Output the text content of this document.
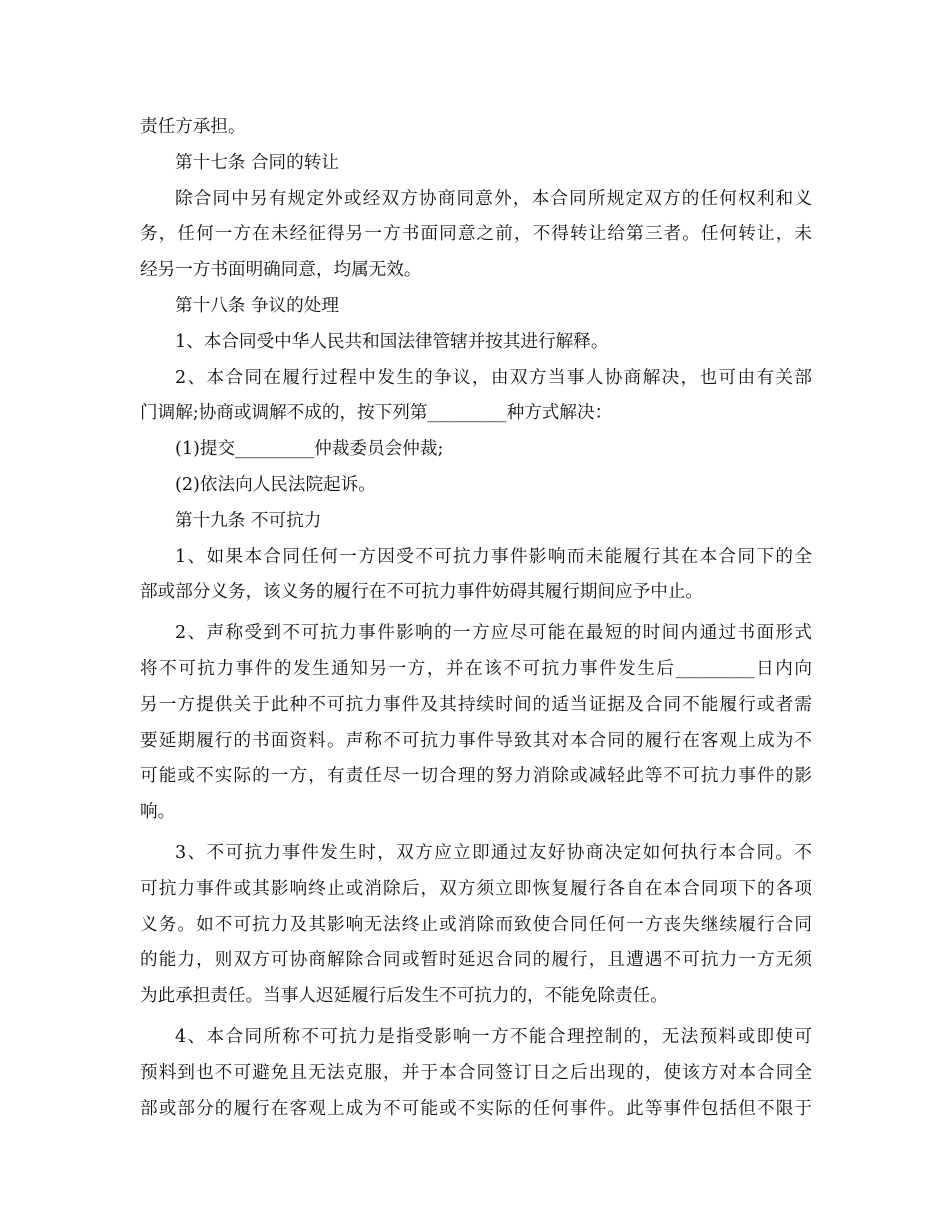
责任方承担。
第十七条 合同的转让
除合同中另有规定外或经双方协商同意外，本合同所规定双方的任何权利和义
务，任何一方在未经征得另一方书面同意之前，不得转让给第三者。任何转让，未
经另一方书面明确同意，均属无效。
第十八条 争议的处理
1、本合同受中华人民共和国法律管辖并按其进行解释。
2、本合同在履行过程中发生的争议，由双方当事人协商解决，也可由有关部
门调解;协商或调解不成的，按下列第_________种方式解决：
(1)提交_________仲裁委员会仲裁;
(2)依法向人民法院起诉。
第十九条 不可抗力
1、如果本合同任何一方因受不可抗力事件影响而未能履行其在本合同下的全
部或部分义务，该义务的履行在不可抗力事件妨碍其履行期间应予中止。
2、声称受到不可抗力事件影响的一方应尽可能在最短的时间内通过书面形式
将不可抗力事件的发生通知另一方，并在该不可抗力事件发生后_________日内向
另一方提供关于此种不可抗力事件及其持续时间的适当证据及合同不能履行或者需
要延期履行的书面资料。声称不可抗力事件导致其对本合同的履行在客观上成为不
可能或不实际的一方，有责任尽一切合理的努力消除或减轻此等不可抗力事件的影
响。
3、不可抗力事件发生时，双方应立即通过友好协商决定如何执行本合同。不
可抗力事件或其影响终止或消除后，双方须立即恢复履行各自在本合同项下的各项
义务。如不可抗力及其影响无法终止或消除而致使合同任何一方丧失继续履行合同
的能力，则双方可协商解除合同或暂时延迟合同的履行，且遭遇不可抗力一方无须
为此承担责任。当事人迟延履行后发生不可抗力的，不能免除责任。
4、本合同所称不可抗力是指受影响一方不能合理控制的，无法预料或即使可
预料到也不可避免且无法克服，并于本合同签订日之后出现的，使该方对本合同全
部或部分的履行在客观上成为不可能或不实际的任何事件。此等事件包括但不限于
